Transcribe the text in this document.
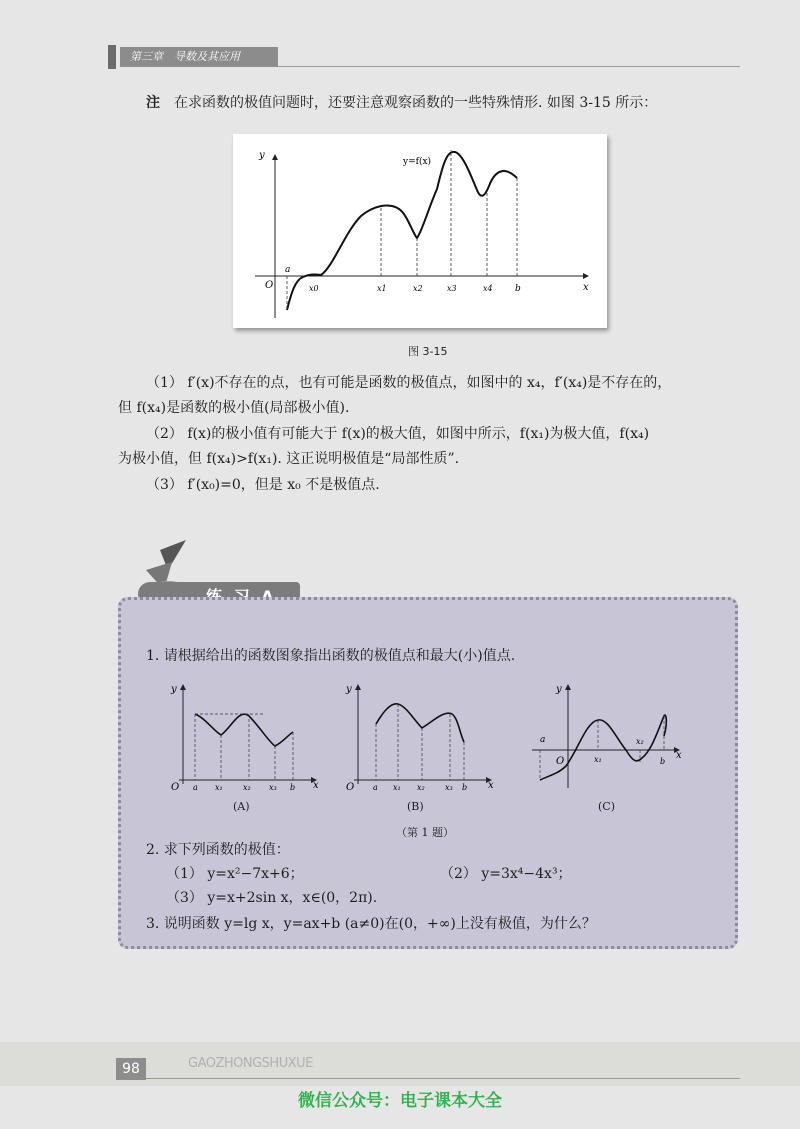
第三章　导数及其应用
注 在求函数的极值问题时，还要注意观察函数的一些特殊情形. 如图 3-15 所示：
y
x
O
y=f(x)
a
x0	x1	x2	x3	x4 b
图 3-15
（1） f′(x)不存在的点，也有可能是函数的极值点，如图中的 x₄，f′(x₄)是不存在的，
但 f(x₄)是函数的极小值(局部极小值).
（2） f(x)的极小值有可能大于 f(x)的极大值，如图中所示，f(x₁)为极大值，f(x₄)
为极小值，但 f(x₄)>f(x₁). 这正说明极值是“局部性质”.
（3） f′(x₀)=0，但是 x₀ 不是极值点.
1. 请根据给出的函数图象指出函数的极值点和最大(小)值点.
y
O	x
a x₁	x₂ x₃ b
(A)
y
O	x
a x₁ x₂	x₃ b
(B)
y
a
O	x₁
x₂
b
x
(C)
（第 1 题）
2. 求下列函数的极值：
（1） y=x²−7x+6；	（2） y=3x⁴−4x³；
（3） y=x+2sin x，x∈(0，2π).
3. 说明函数 y=lg x，y=ax+b (a≠0)在(0，+∞)上没有极值，为什么？
98	GAOZHONGSHUXUE
微信公众号：电子课本大全
